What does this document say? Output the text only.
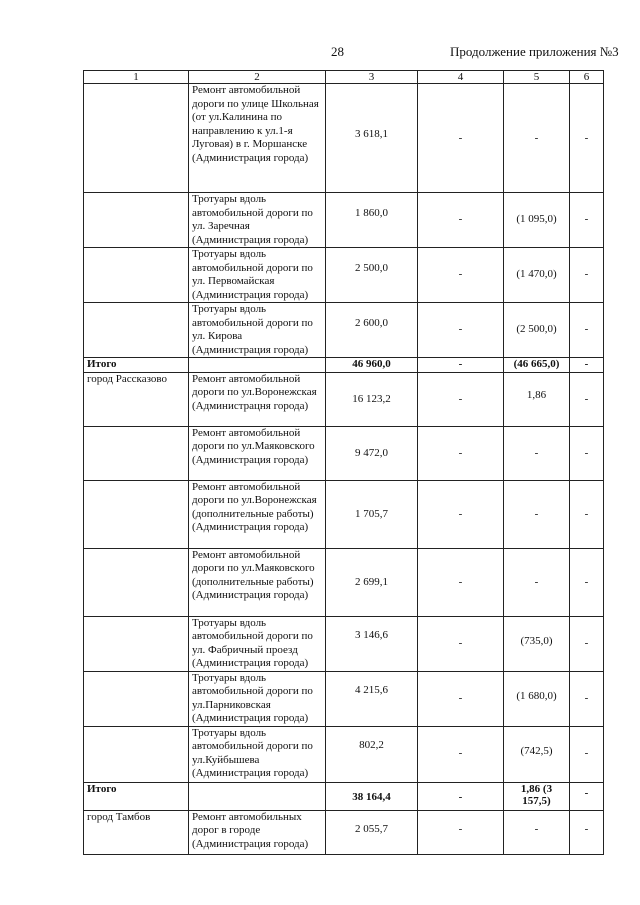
28	Продолжение приложения №3
1	2	3	4	5	6
	Ремонт автомобильной дороги по улице Школьная (от ул.Калинина по направлению к ул.1-я Луговая) в г. Моршанске (Администрация города)	3 618,1	-	-	-
	Тротуары вдоль автомобильной дороги по ул. Заречная (Администрация города)	1 860,0	-	(1 095,0)	-
	Тротуары вдоль автомобильной дороги по ул. Первомайская (Администрация города)	2 500,0	-	(1 470,0)	-
	Тротуары вдоль автомобильной дороги по ул. Кирова (Администрация города)	2 600,0	-	(2 500,0)	-
Итого		46 960,0	-	(46 665,0)	-
город Рассказово	Ремонт автомобильной дороги по ул.Воронежская (Администрацня города)	16 123,2	-	1,86	-
	Ремонт автомобильной дороги по ул.Маяковского (Администрация города)	9 472,0	-	-	-
	Ремонт автомобильной дороги по ул.Воронежская (дополнительные работы) (Администрация города)	1 705,7	-	-	-
	Ремонт автомобильной дороги по ул.Маяковского (дополнительные работы) (Администрация города)	2 699,1	-	-	-
	Тротуары вдоль автомобильной дороги по ул. Фабричный проезд (Администрация города)	3 146,6	-	(735,0)	-
	Тротуары вдоль автомобильной дороги по ул.Парниковская (Администрация города)	4 215,6	-	(1 680,0)	-
	Тротуары вдоль автомобильной дороги по ул.Куйбышева (Администрация города)	802,2	-	(742,5)	-
Итого		38 164,4	-	1,86 (3 157,5)	-
город Тамбов	Ремонт автомобильных дорог в городе (Администрация города)	2 055,7	-	-	-
